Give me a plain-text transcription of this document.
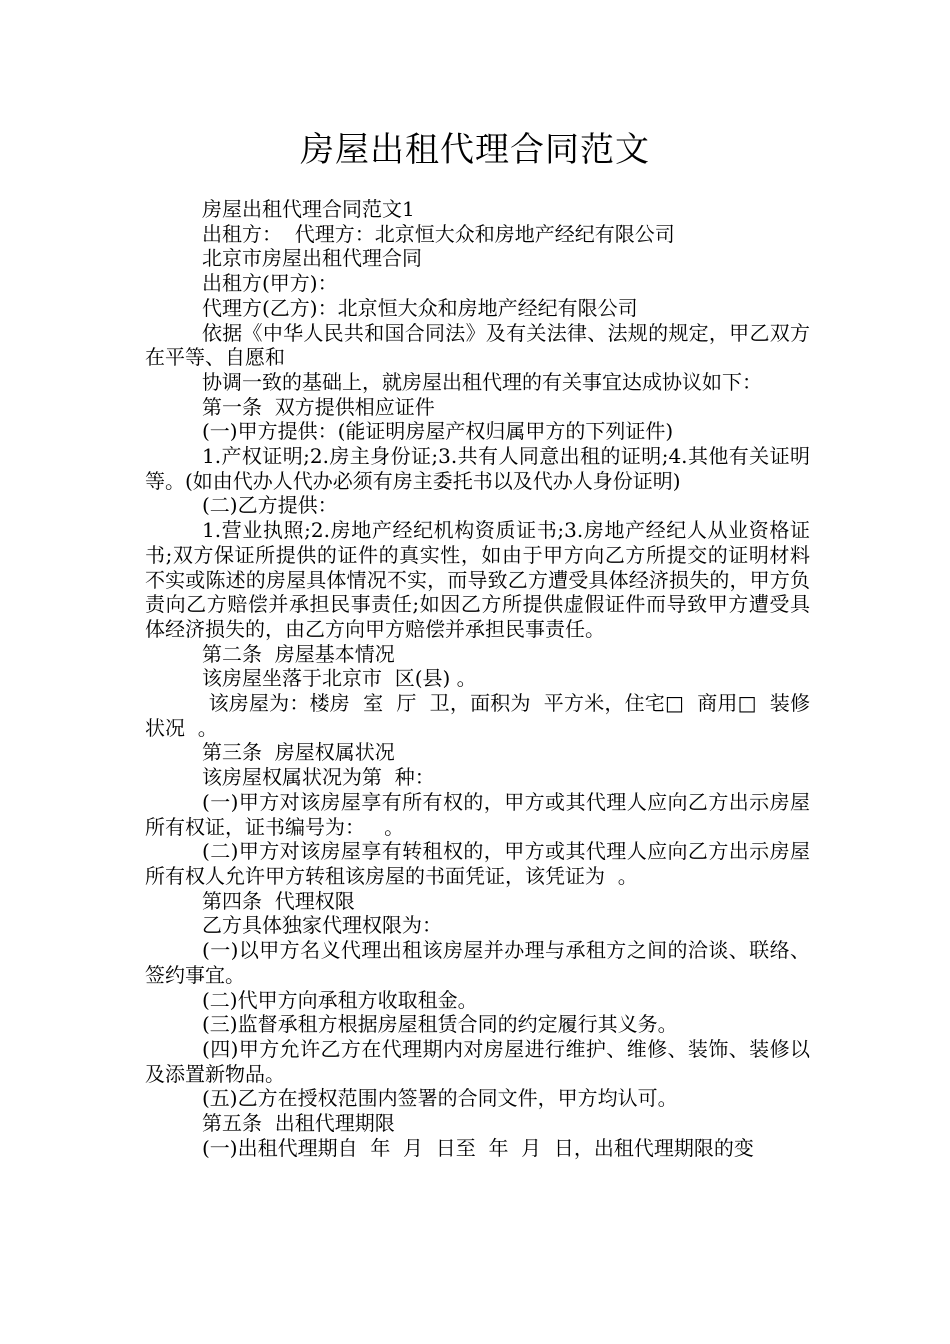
房屋出租代理合同范文

房屋出租代理合同范文1

出租方：  代理方：北京恒大众和房地产经纪有限公司

北京市房屋出租代理合同

出租方(甲方)：

代理方(乙方)：北京恒大众和房地产经纪有限公司

依据《中华人民共和国合同法》及有关法律、法规的规定，甲乙双方在平等、自愿和

协调一致的基础上，就房屋出租代理的有关事宜达成协议如下：

第一条  双方提供相应证件

(一)甲方提供：(能证明房屋产权归属甲方的下列证件)

1.产权证明;2.房主身份证;3.共有人同意出租的证明;4.其他有关证明等。(如由代办人代办必须有房主委托书以及代办人身份证明)

(二)乙方提供：

1.营业执照;2.房地产经纪机构资质证书;3.房地产经纪人从业资格证书;双方保证所提供的证件的真实性，如由于甲方向乙方所提交的证明材料不实或陈述的房屋具体情况不实，而导致乙方遭受具体经济损失的，甲方负责向乙方赔偿并承担民事责任;如因乙方所提供虚假证件而导致甲方遭受具体经济损失的，由乙方向甲方赔偿并承担民事责任。

第二条  房屋基本情况

该房屋坐落于北京市  区(县) 。

该房屋为：楼房  室  厅  卫，面积为  平方米，住宅□  商用□  装修状况  。

第三条  房屋权属状况

该房屋权属状况为第  种：

(一)甲方对该房屋享有所有权的，甲方或其代理人应向乙方出示房屋所有权证，证书编号为：   。

(二)甲方对该房屋享有转租权的，甲方或其代理人应向乙方出示房屋所有权人允许甲方转租该房屋的书面凭证，该凭证为  。

第四条  代理权限

乙方具体独家代理权限为：

(一)以甲方名义代理出租该房屋并办理与承租方之间的洽谈、联络、签约事宜。

(二)代甲方向承租方收取租金。

(三)监督承租方根据房屋租赁合同的约定履行其义务。

(四)甲方允许乙方在代理期内对房屋进行维护、维修、装饰、装修以及添置新物品。

(五)乙方在授权范围内签署的合同文件，甲方均认可。

第五条  出租代理期限

(一)出租代理期自  年  月  日至  年  月  日，出租代理期限的变
